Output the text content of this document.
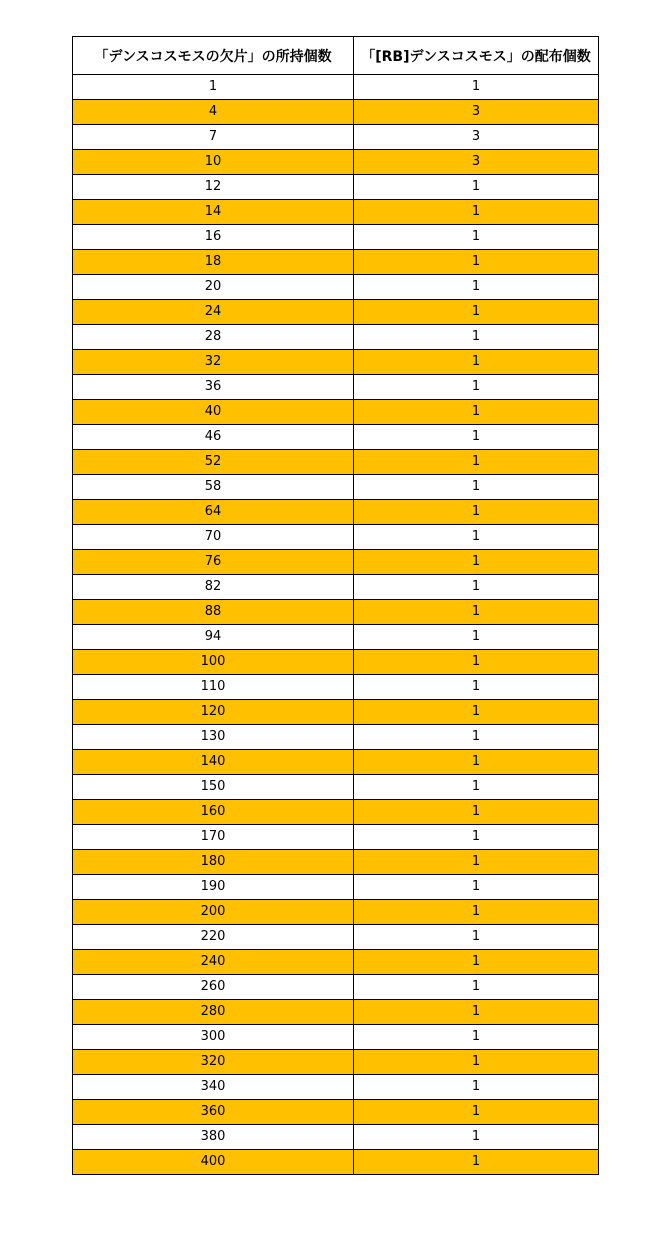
「デンスコスモスの欠片」の所持個数	「[RB]デンスコスモス」の配布個数
1	1
4	3
7	3
10	3
12	1
14	1
16	1
18	1
20	1
24	1
28	1
32	1
36	1
40	1
46	1
52	1
58	1
64	1
70	1
76	1
82	1
88	1
94	1
100	1
110	1
120	1
130	1
140	1
150	1
160	1
170	1
180	1
190	1
200	1
220	1
240	1
260	1
280	1
300	1
320	1
340	1
360	1
380	1
400	1
